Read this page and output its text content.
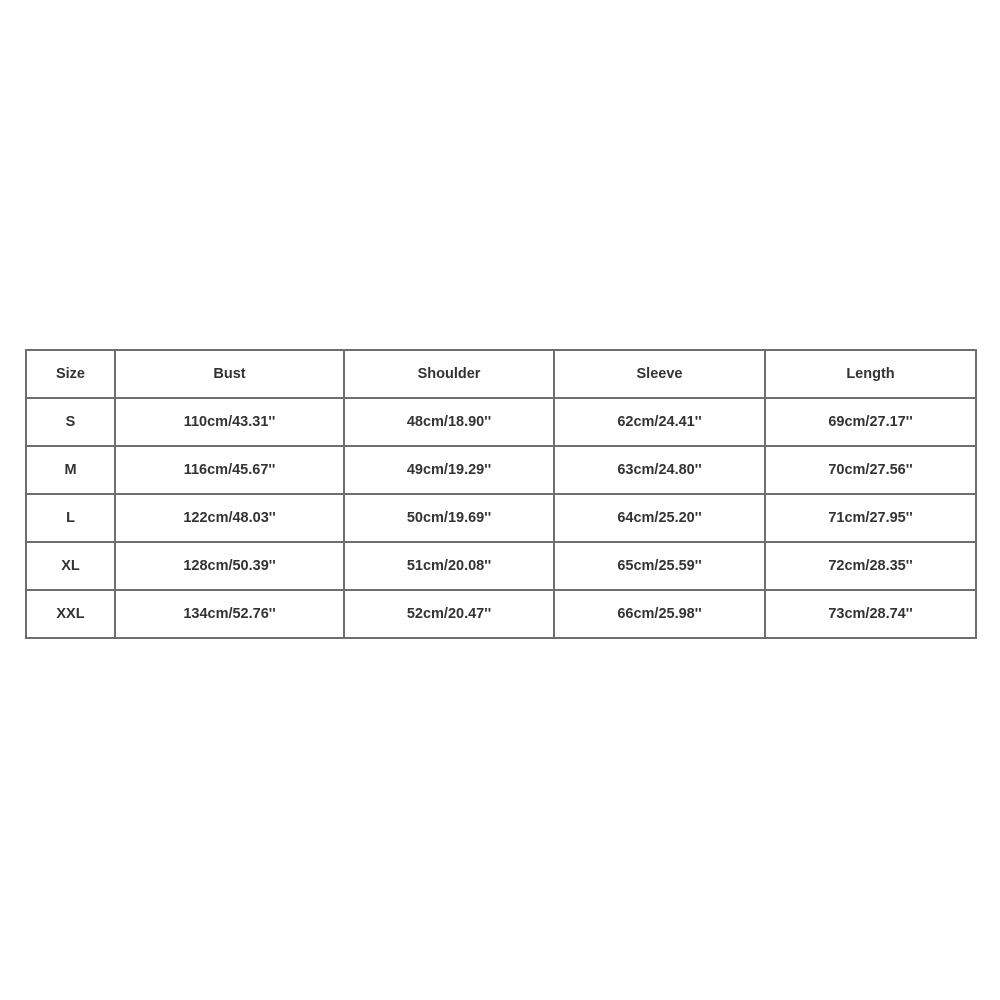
Size	Bust	Shoulder	Sleeve	Length
S	110cm/43.31''	48cm/18.90''	62cm/24.41''	69cm/27.17''
M	116cm/45.67''	49cm/19.29''	63cm/24.80''	70cm/27.56''
L	122cm/48.03''	50cm/19.69''	64cm/25.20''	71cm/27.95''
XL	128cm/50.39''	51cm/20.08''	65cm/25.59''	72cm/28.35''
XXL	134cm/52.76''	52cm/20.47''	66cm/25.98''	73cm/28.74''
